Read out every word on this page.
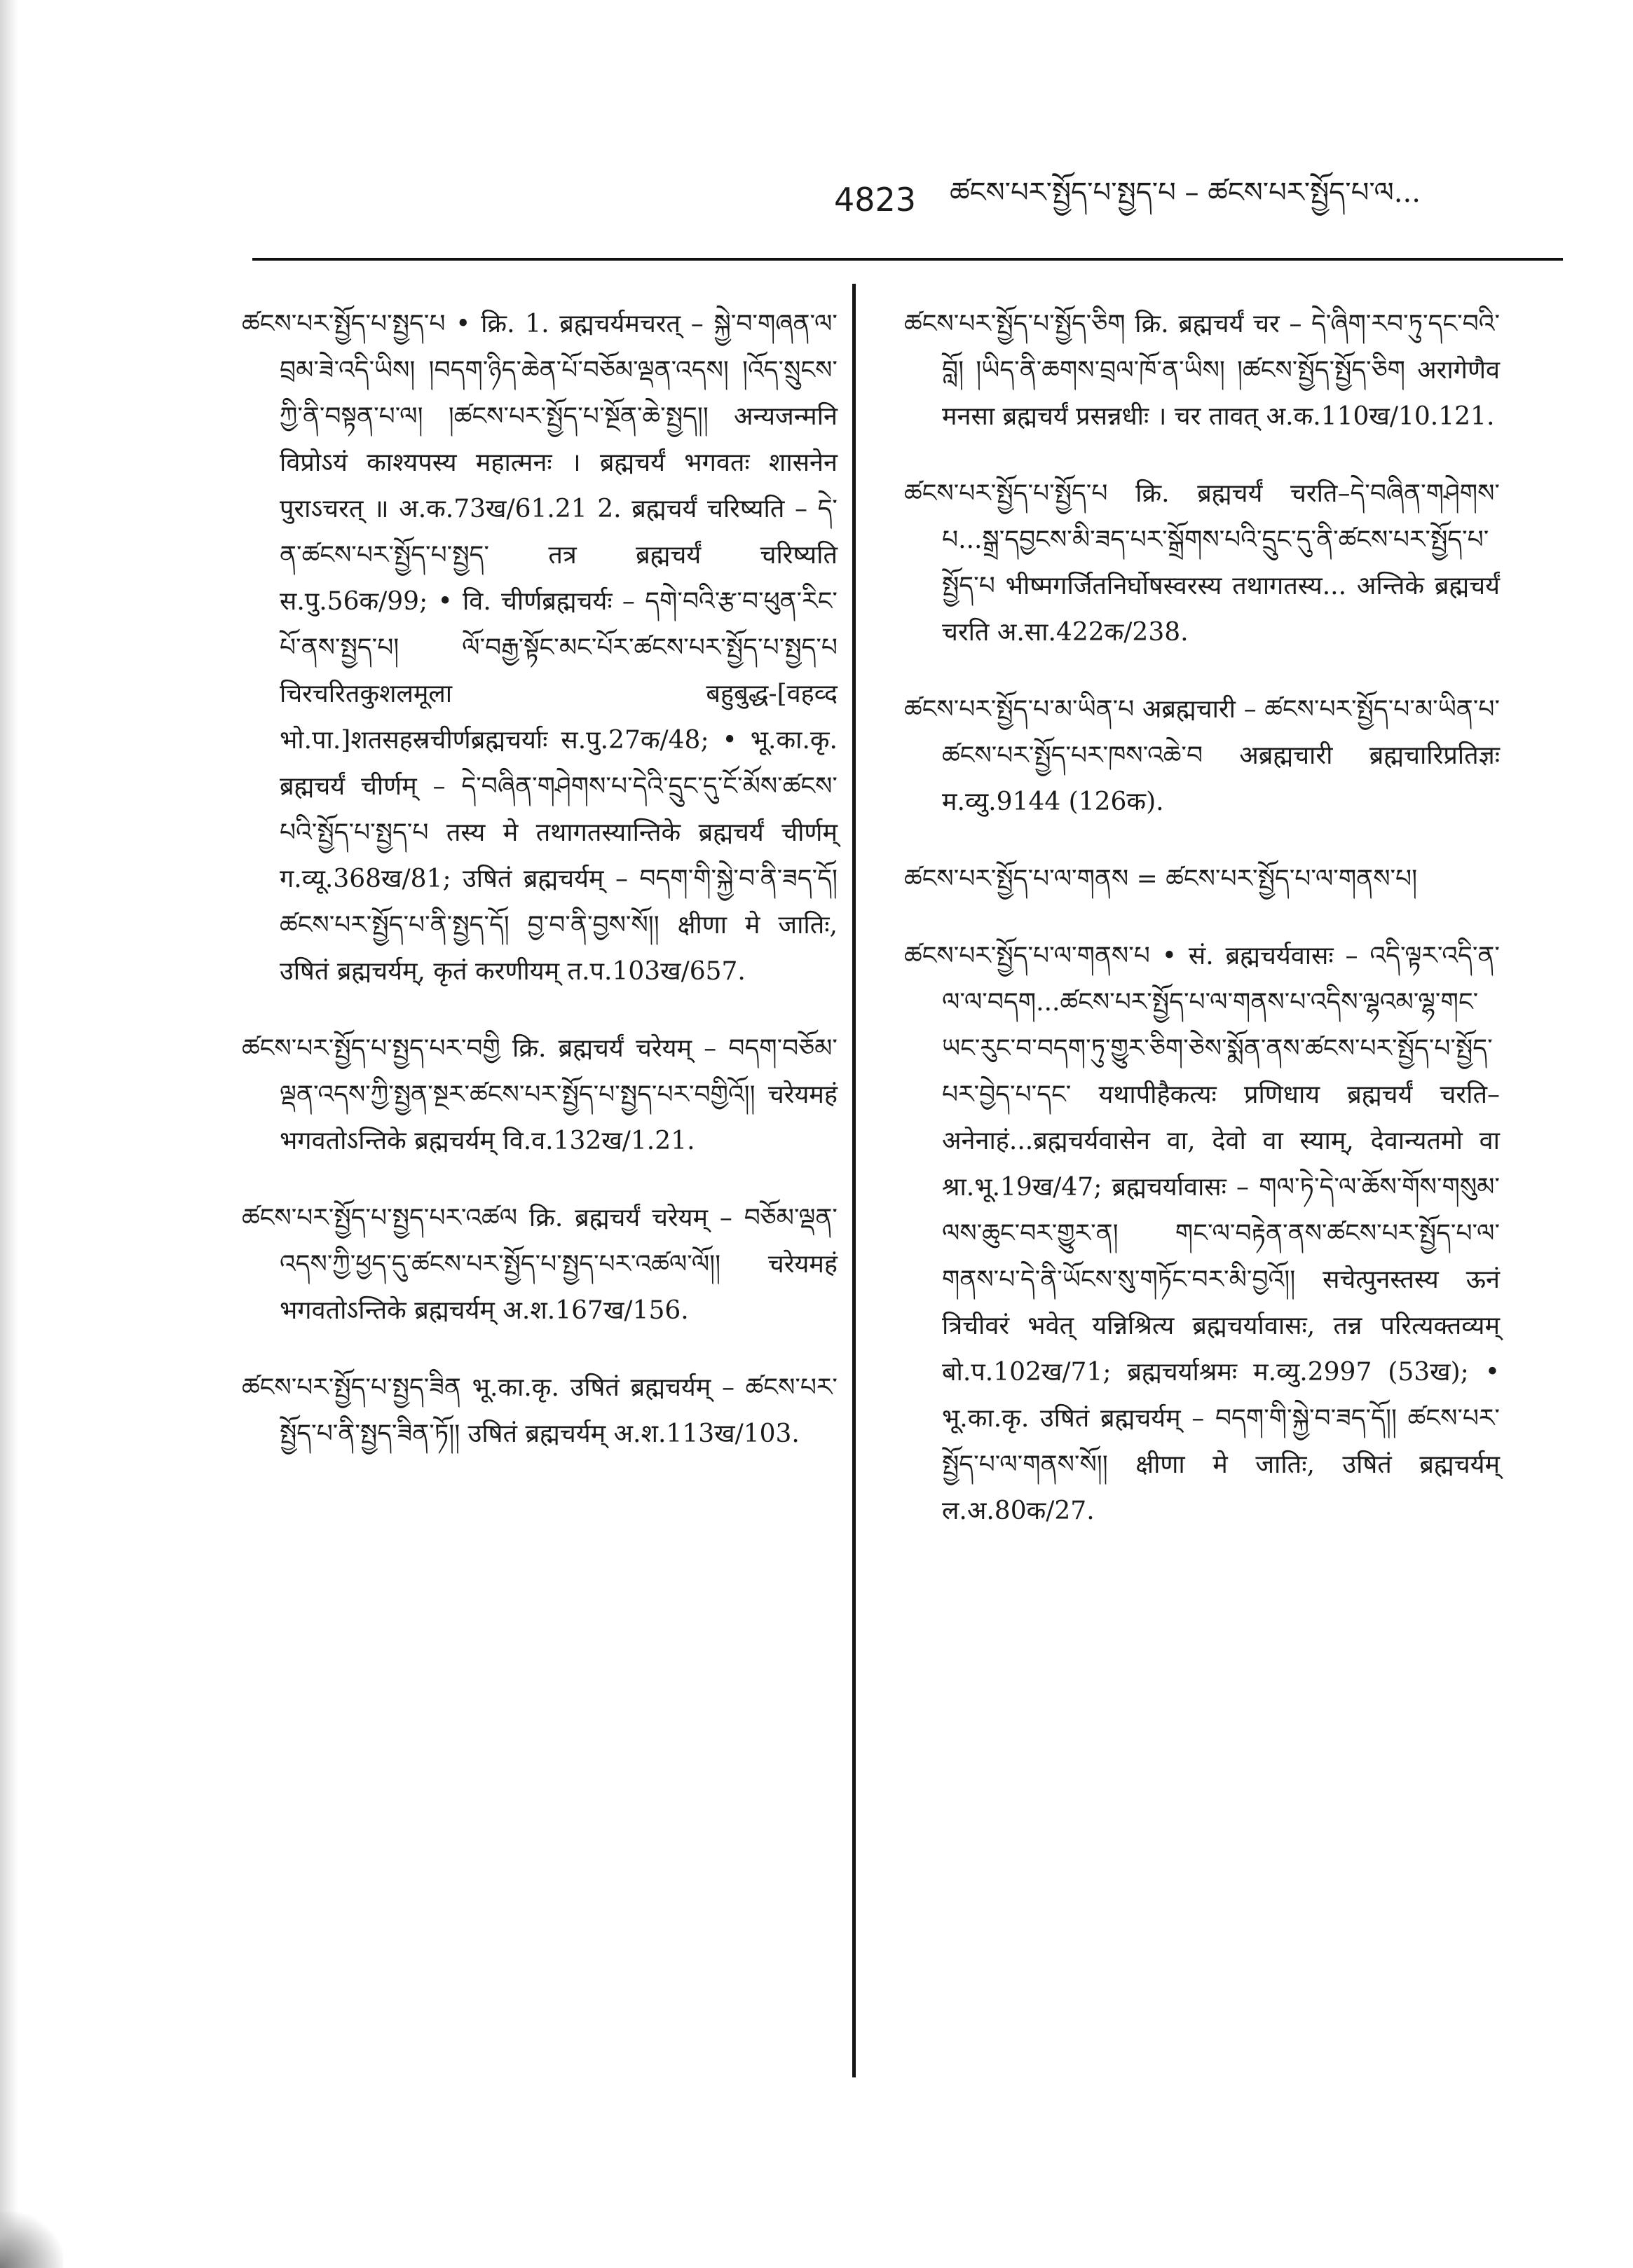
4823 ཚངས་པར་སྤྱོད་པ་སྤྱད་པ – ཚངས་པར་སྤྱོད་པ་ལ...

ཚངས་པར་སྤྱོད་པ་སྤྱད་པ • क्रि. 1. ब्रह्मचर्यमचरत् – སྐྱེ་བ་གཞན་ལ་བྲམ་ཟེ་འདི་ཡིས། །བདག་ཉིད་ཆེན་པོ་བཅོམ་ལྡན་འདས། །འོད་སྲུངས་ཀྱི་ནི་བསྟན་པ་ལ། །ཚངས་པར་སྤྱོད་པ་སྔོན་ཆེ་སྤྱད།། अन्यजन्मनि विप्रोऽयं काश्यपस्य महात्मनः । ब्रह्मचर्यं भगवतः शासनेन पुराऽचरत् ॥ अ.क.73ख/61.21 2. ब्रह्मचर्यं चरिष्यति – དེ་ན་ཚངས་པར་སྤྱོད་པ་སྤྱད་ तत्र ब्रह्मचर्यं चरिष्यति स.पु.56क/99; • वि. चीर्णब्रह्मचर्यः – དགེ་བའི་རྩ་བ་ཕུན་རིང་པོ་ནས་སྤྱད་པ། ལོ་བརྒྱ་སྟོང་མང་པོར་ཚངས་པར་སྤྱོད་པ་སྤྱད་པ चिरचरितकुशलमूला बहुबुद्ध-[वहव्द भो.पा.]शतसहस्रचीर्णब्रह्मचर्याः स.पु.27क/48; • भू.का.कृ. ब्रह्मचर्यं चीर्णम् – དེ་བཞིན་གཤེགས་པ་དེའི་དྲུང་དུ་ངོ་མོས་ཚངས་པའི་སྤྱོད་པ་སྤྱད་པ तस्य मे तथागतस्यान्तिके ब्रह्मचर्यं चीर्णम् ग.व्यू.368ख/81; उषितं ब्रह्मचर्यम् – བདག་གི་སྐྱེ་བ་ནི་ཟད་དོ། ཚངས་པར་སྤྱོད་པ་ནི་སྤྱད་དོ། བྱ་བ་ནི་བྱས་སོ།། क्षीणा मे जातिः, उषितं ब्रह्मचर्यम्, कृतं करणीयम् त.प.103ख/657.

ཚངས་པར་སྤྱོད་པ་སྤྱད་པར་བགྱི क्रि. ब्रह्मचर्यं चरेयम् – བདག་བཅོམ་ལྡན་འདས་ཀྱི་སྤྱན་སྔར་ཚངས་པར་སྤྱོད་པ་སྤྱད་པར་བགྱིའོ།། चरेयमहं भगवतोऽन्तिके ब्रह्मचर्यम् वि.व.132ख/1.21.

ཚངས་པར་སྤྱོད་པ་སྤྱད་པར་འཚལ क्रि. ब्रह्मचर्यं चरेयम् – བཅོམ་ལྡན་འདས་ཀྱི་ཕྱད་དུ་ཚངས་པར་སྤྱོད་པ་སྤྱད་པར་འཚལ་ལོ།། चरेयमहं भगवतोऽन्तिके ब्रह्मचर्यम् अ.श.167ख/156.

ཚངས་པར་སྤྱོད་པ་སྤྱད་ཟིན भू.का.कृ. उषितं ब्रह्मचर्यम् – ཚངས་པར་སྤྱོད་པ་ནི་སྤྱད་ཟིན་ཏོ།། उषितं ब्रह्मचर्यम् अ.श.113ख/103.

ཚངས་པར་སྤྱོད་པ་སྤྱོད་ཅིག क्रि. ब्रह्मचर्यं चर – དེ་ཞིག་རབ་ཏུ་དང་བའི་བློ། །ཡིད་ནི་ཆགས་བྲལ་ཁོ་ན་ཡིས། །ཚངས་སྤྱོད་སྤྱོད་ཅིག अरागेणैव मनसा ब्रह्मचर्यं प्रसन्नधीः । चर तावत् अ.क.110ख/10.121.

ཚངས་པར་སྤྱོད་པ་སྤྱོད་པ क्रि. ब्रह्मचर्यं चरति–དེ་བཞིན་གཤེགས་པ...སྒྲ་དབྱངས་མི་ཟད་པར་སྒྲོགས་པའི་དྲུང་དུ་ནི་ཚངས་པར་སྤྱོད་པ་སྤྱོད་པ भीष्मगर्जितनिर्घोषस्वरस्य तथागतस्य... अन्तिके ब्रह्मचर्यं चरति अ.सा.422क/238.

ཚངས་པར་སྤྱོད་པ་མ་ཡིན་པ अब्रह्मचारी – ཚངས་པར་སྤྱོད་པ་མ་ཡིན་པ་ཚངས་པར་སྤྱོད་པར་ཁས་འཆེ་བ अब्रह्मचारी ब्रह्मचारिप्रतिज्ञः म.व्यु.9144 (126क).

ཚངས་པར་སྤྱོད་པ་ལ་གནས = ཚངས་པར་སྤྱོད་པ་ལ་གནས་པ།

ཚངས་པར་སྤྱོད་པ་ལ་གནས་པ • सं. ब्रह्मचर्यवासः – འདི་ལྟར་འདི་ན་ལ་ལ་བདག...ཚངས་པར་སྤྱོད་པ་ལ་གནས་པ་འདིས་ལྷའམ་ལྷ་གང་ཡང་རུང་བ་བདག་ཏུ་གྱུར་ཅིག་ཅེས་སྨོན་ནས་ཚངས་པར་སྤྱོད་པ་སྤྱོད་པར་བྱེད་པ་དང་ यथापीहैकत्यः प्रणिधाय ब्रह्मचर्यं चरति–अनेनाहं...ब्रह्मचर्यवासेन वा, देवो वा स्याम्, देवान्यतमो वा श्रा.भू.19ख/47; ब्रह्मचर्यावासः – གལ་ཏེ་དེ་ལ་ཆོས་གོས་གསུམ་ལས་ཆུང་བར་གྱུར་ན། གང་ལ་བརྟེན་ནས་ཚངས་པར་སྤྱོད་པ་ལ་གནས་པ་དེ་ནི་ཡོངས་སུ་གཏོང་བར་མི་བྱའོ།། सचेत्पुनस्तस्य ऊनं त्रिचीवरं भवेत् यन्निश्रित्य ब्रह्मचर्यावासः, तन्न परित्यक्तव्यम् बो.प.102ख/71; ब्रह्मचर्याश्रमः म.व्यु.2997 (53ख); • भू.का.कृ. उषितं ब्रह्मचर्यम् – བདག་གི་སྐྱེ་བ་ཟད་དོ།། ཚངས་པར་སྤྱོད་པ་ལ་གནས་སོ།། क्षीणा मे जातिः, उषितं ब्रह्मचर्यम् ल.अ.80क/27.
